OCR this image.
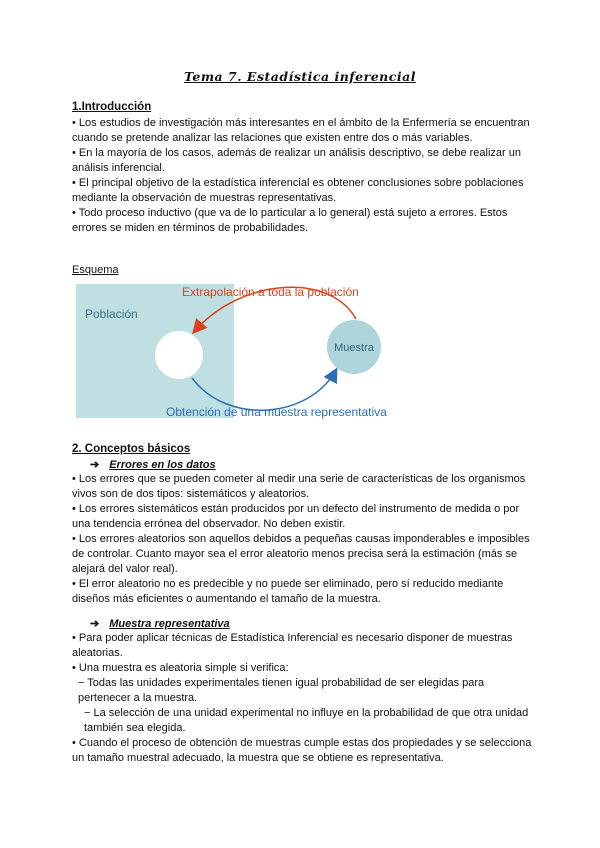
Tema 7. Estadística inferencial
1.Introducción

• Los estudios de investigación más interesantes en el ámbito de la Enfermería se encuentran cuando se pretende analizar las relaciones que existen entre dos o más variables.

• En la mayoría de los casos, además de realizar un análisis descriptivo, se debe realizar un análisis inferencial.

• El principal objetivo de la estadística inferencial es obtener conclusiones sobre poblaciones mediante la observación de muestras representativas.

• Todo proceso inductivo (que va de lo particular a lo general) está sujeto a errores. Estos errores se miden en términos de probabilidades.

Esquema
Población
Muestra
Extrapolación a toda la población
Obtención de una muestra representativa
2. Conceptos básicos
➔ Errores en los datos

• Los errores que se pueden cometer al medir una serie de características de los organismos vivos son de dos tipos: sistemáticos y aleatorios.

• Los errores sistemáticos están producidos por un defecto del instrumento de medida o por una tendencia errónea del observador. No deben existir.

• Los errores aleatorios son aquellos debidos a pequeñas causas imponderables e imposibles de controlar. Cuanto mayor sea el error aleatorio menos precisa será la estimación (más se alejará del valor real).

• El error aleatorio no es predecible y no puede ser eliminado, pero sí reducido mediante diseños más eficientes o aumentando el tamaño de la muestra.

➔ Muestra representativa

• Para poder aplicar técnicas de Estadística Inferencial es necesario disponer de muestras aleatorias.

• Una muestra es aleatoria simple si verifica:

− Todas las unidades experimentales tienen igual probabilidad de ser elegidas para pertenecer a la muestra.

− La selección de una unidad experimental no influye en la probabilidad de que otra unidad también sea elegida.

• Cuando el proceso de obtención de muestras cumple estas dos propiedades y se selecciona un tamaño muestral adecuado, la muestra que se obtiene es representativa.
